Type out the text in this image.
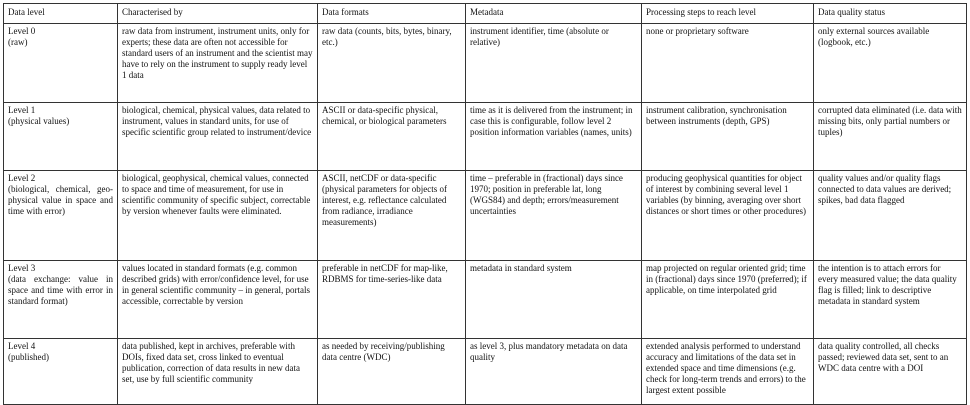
Data level	Characterised by	Data formats	Metadata	Processing steps to reach level	Data quality status

Level 0
(raw)	raw data from instrument, instrument units, only for experts; these data are often not accessible for standard users of an instrument and the scientist may have to rely on the instrument to supply ready level 1 data	raw data (counts, bits, bytes, binary, etc.)	instrument identifier, time (absolute or relative)	none or proprietary software	only external sources available (logbook, etc.)

Level 1
(physical values)	biological, chemical, physical values, data related to instrument, values in standard units, for use of specific scientific group related to instrument/device	ASCII or data-specific physical, chemical, or biological parameters	time as it is delivered from the instrument; in case this is configurable, follow level 2 position information variables (names, units)	instrument calibration, synchronisation between instruments (depth, GPS)	corrupted data eliminated (i.e. data with missing bits, only partial numbers or tuples)

Level 2
(biological, chemical, geo-physical value in space and time with error)	biological, geophysical, chemical values, connected to space and time of measurement, for use in scientific community of specific subject, correctable by version whenever faults were eliminated.	ASCII, netCDF or data-specific (physical parameters for objects of interest, e.g. reflectance calculated from radiance, irradiance measurements)	time – preferable in (fractional) days since 1970; position in preferable lat, long (WGS84) and depth; errors/measurement uncertainties	producing geophysical quantities for object of interest by combining several level 1 variables (by binning, averaging over short distances or short times or other procedures)	quality values and/or quality flags connected to data values are derived; spikes, bad data flagged

Level 3
(data exchange: value in space and time with error in standard format)	values located in standard formats (e.g. common described grids) with error/confidence level, for use in general scientific community – in general, portals accessible, correctable by version	preferable in netCDF for map-like, RDBMS for time-series-like data	metadata in standard system	map projected on regular oriented grid; time in (fractional) days since 1970 (preferred); if applicable, on time interpolated grid	the intention is to attach errors for every measured value; the data quality flag is filled; link to descriptive metadata in standard system

Level 4
(published)	data published, kept in archives, preferable with DOIs, fixed data set, cross linked to eventual publication, correction of data results in new data set, use by full scientific community	as needed by receiving/publishing data centre (WDC)	as level 3, plus mandatory metadata on data quality	extended analysis performed to understand accuracy and limitations of the data set in extended space and time dimensions (e.g. check for long-term trends and errors) to the largest extent possible	data quality controlled, all checks passed; reviewed data set, sent to an WDC data centre with a DOI
